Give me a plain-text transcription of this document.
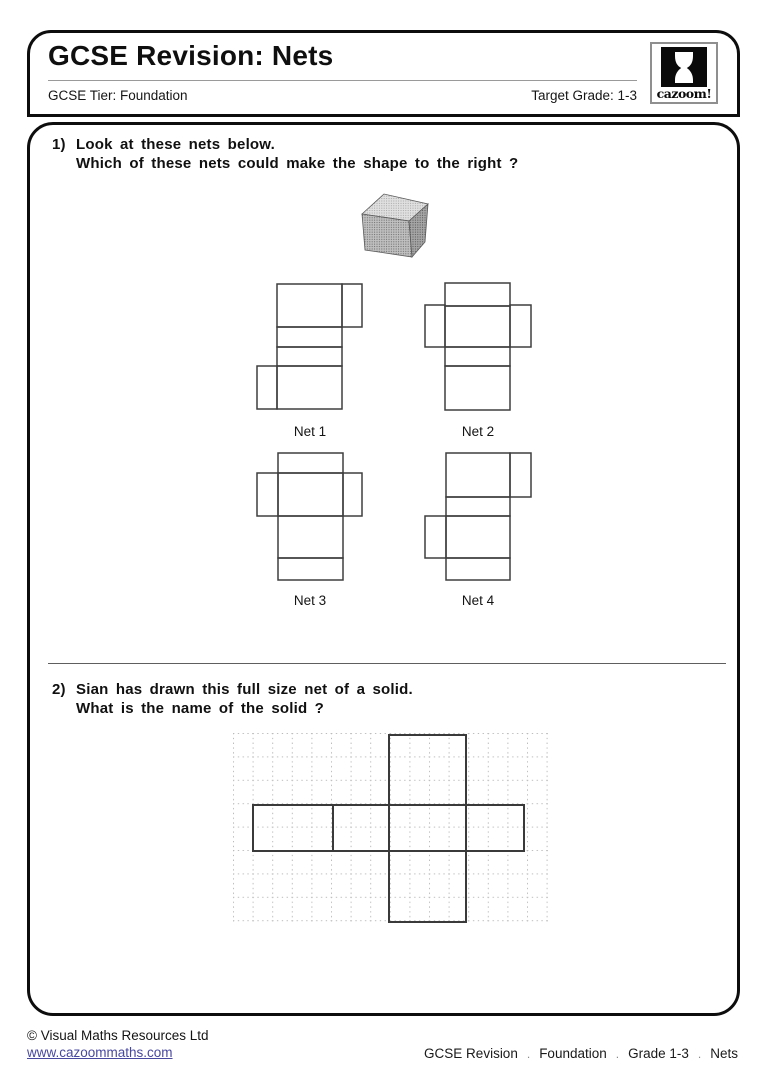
GCSE Revision: Nets
GCSE Tier: Foundation	Target Grade: 1-3	cazoom!
1) Look at these nets below.
Which of these nets could make the shape to the right ?
Net 1	Net 2
Net 3	Net 4
2) Sian has drawn this full size net of a solid.
What is the name of the solid ?
© Visual Maths Resources Ltd
www.cazoommaths.com	GCSE Revision . Foundation . Grade 1-3 . Nets
